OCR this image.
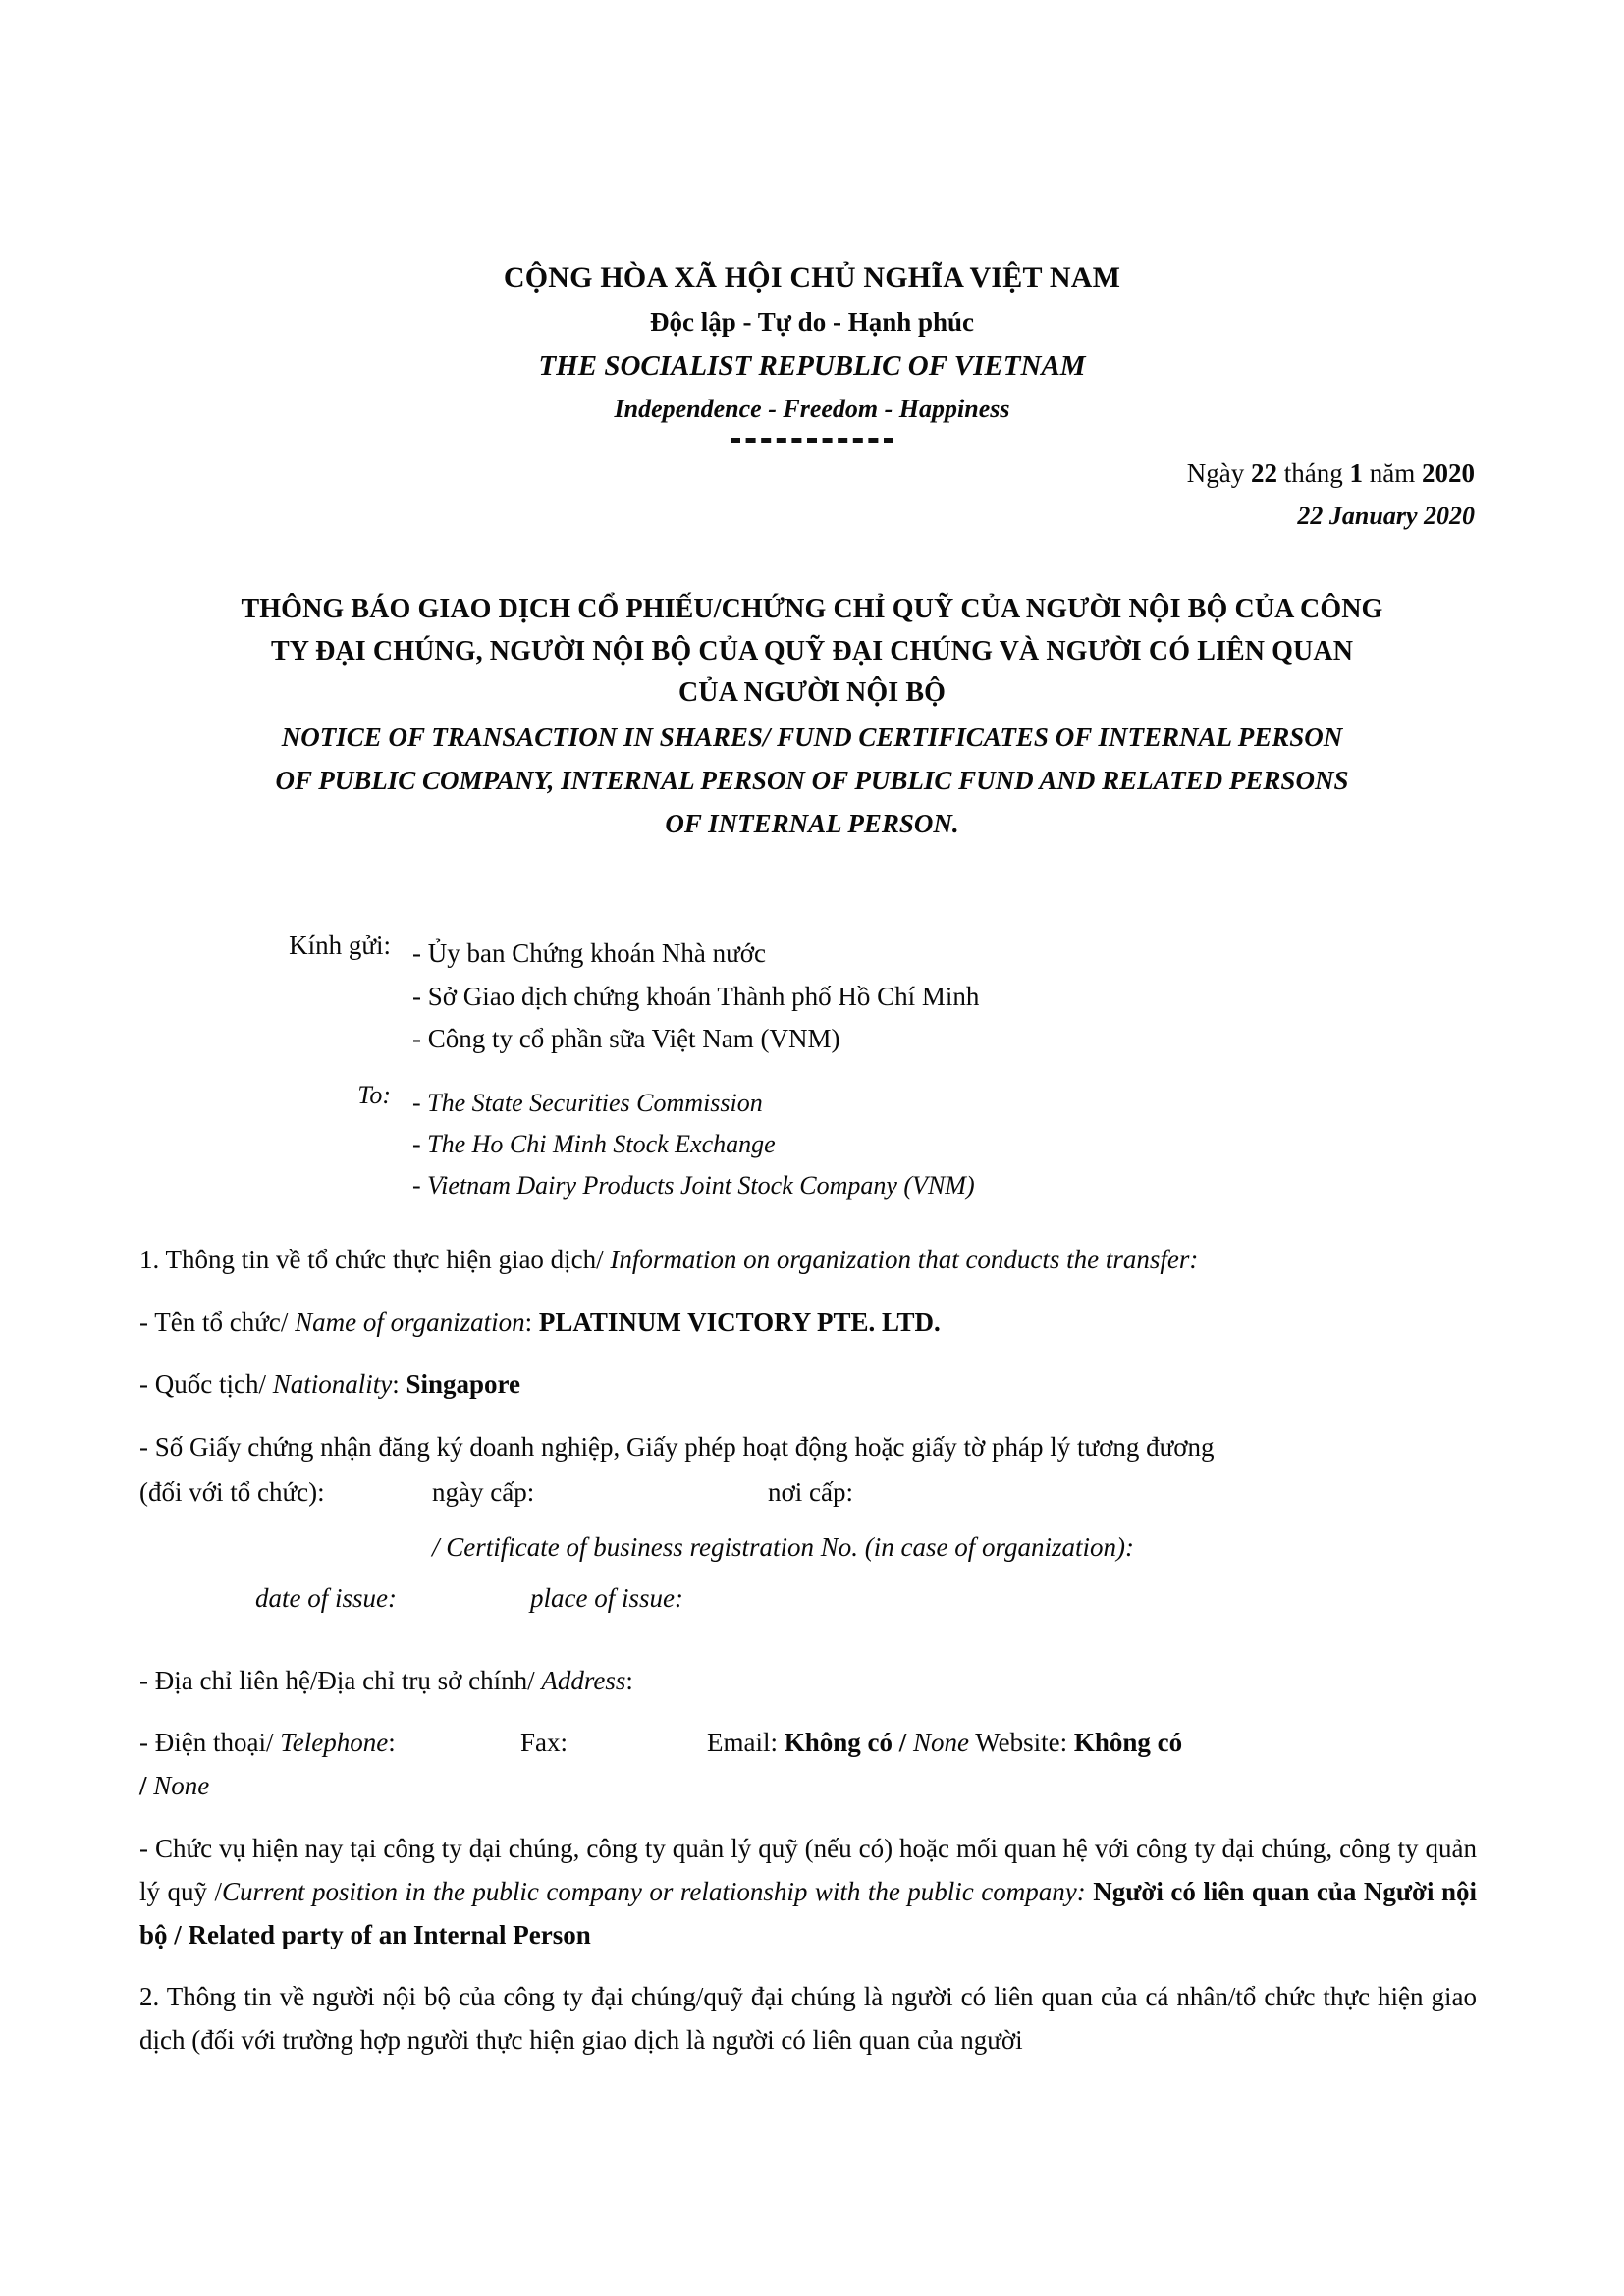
CỘNG HÒA XÃ HỘI CHỦ NGHĨA VIỆT NAM
Độc lập - Tự do - Hạnh phúc
THE SOCIALIST REPUBLIC OF VIETNAM
Independence - Freedom - Happiness
Ngày 22 tháng 1 năm 2020
22 January 2020
THÔNG BÁO GIAO DỊCH CỔ PHIẾU/CHỨNG CHỈ QUỸ CỦA NGƯỜI NỘI BỘ CỦA CÔNG
TY ĐẠI CHÚNG, NGƯỜI NỘI BỘ CỦA QUỸ ĐẠI CHÚNG VÀ NGƯỜI CÓ LIÊN QUAN
CỦA NGƯỜI NỘI BỘ
NOTICE OF TRANSACTION IN SHARES/ FUND CERTIFICATES OF INTERNAL PERSON
OF PUBLIC COMPANY, INTERNAL PERSON OF PUBLIC FUND AND RELATED PERSONS
OF INTERNAL PERSON.
Kính gửi: - Ủy ban Chứng khoán Nhà nước
- Sở Giao dịch chứng khoán Thành phố Hồ Chí Minh
- Công ty cổ phần sữa Việt Nam (VNM)
To: - The State Securities Commission
- The Ho Chi Minh Stock Exchange
- Vietnam Dairy Products Joint Stock Company (VNM)

1. Thông tin về tổ chức thực hiện giao dịch/ Information on organization that conducts the transfer:

- Tên tổ chức/ Name of organization: PLATINUM VICTORY PTE. LTD.

- Quốc tịch/ Nationality: Singapore

- Số Giấy chứng nhận đăng ký doanh nghiệp, Giấy phép hoạt động hoặc giấy tờ pháp lý tương đương

(đối với tổ chức):	ngày cấp:	nơi cấp:

/ Certificate of business registration No. (in case of organization):

date of issue:	place of issue:

- Địa chỉ liên hệ/Địa chỉ trụ sở chính/ Address:

- Điện thoại/ Telephone:	Fax:	Email: Không có / None Website: Không có

/ None

- Chức vụ hiện nay tại công ty đại chúng, công ty quản lý quỹ (nếu có) hoặc mối quan hệ với công ty đại chúng, công ty quản lý quỹ /Current position in the public company or relationship with the public company: Người có liên quan của Người nội bộ / Related party of an Internal Person

2. Thông tin về người nội bộ của công ty đại chúng/quỹ đại chúng là người có liên quan của cá nhân/tổ chức thực hiện giao dịch (đối với trường hợp người thực hiện giao dịch là người có liên quan của người
